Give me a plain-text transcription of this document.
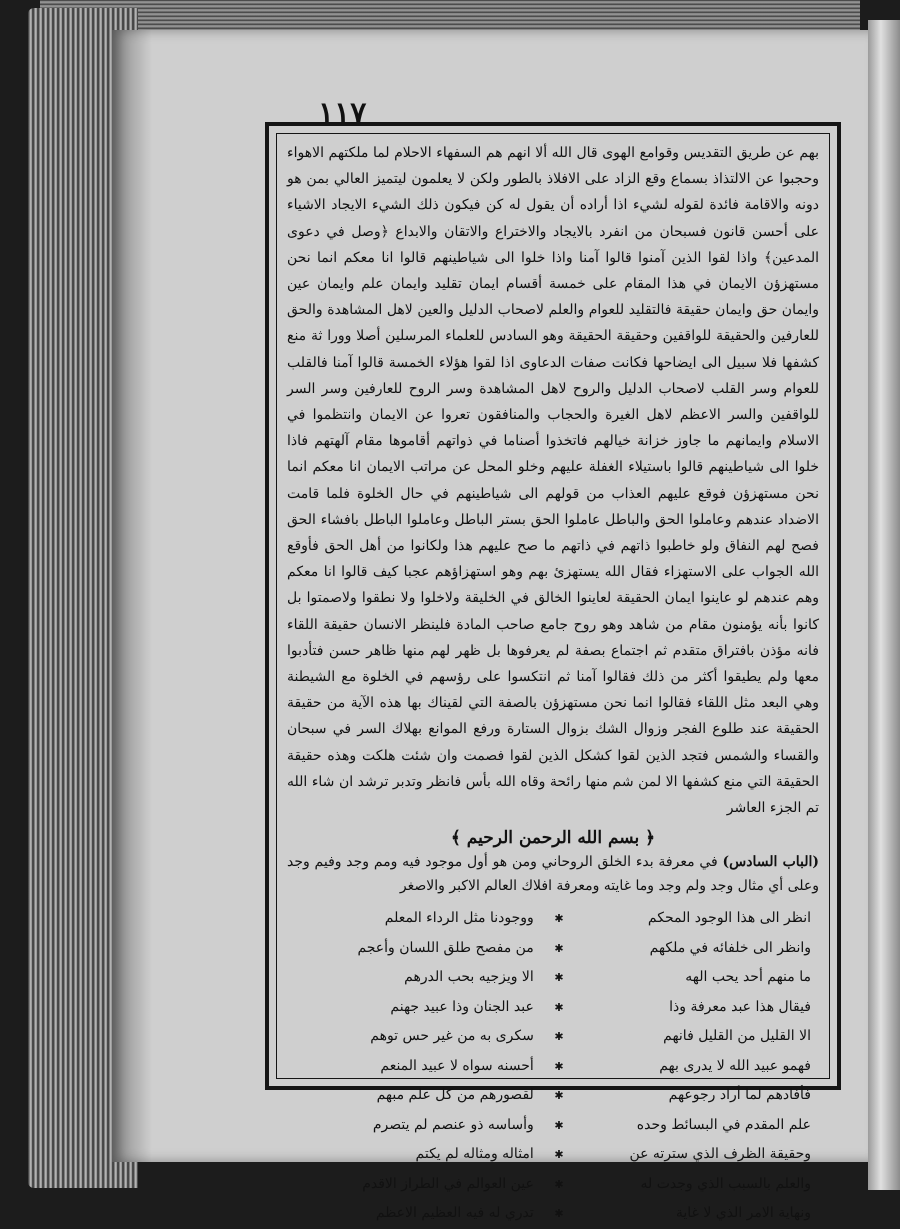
١١٧

بهم عن طريق التقديس وقوامع الهوى قال الله ألا انهم هم السفهاء الاحلام لما ملكتهم الاهواء وحجبوا عن الالتذاذ بسماع وقع الزاد على الافلاذ بالطور ولكن لا يعلمون ليتميز العالي بمن هو دونه والاقامة فائدة لقوله لشيء اذا أراده أن يقول له كن فيكون ذلك الشيء الايجاد الاشياء على أحسن قانون فسبحان من انفرد بالايجاد والاختراع والاتقان والابداع ﴿وصل في دعوى المدعين﴾ واذا لقوا الذين آمنوا قالوا آمنا واذا خلوا الى شياطينهم قالوا انا معكم انما نحن مستهزؤن الايمان في هذا المقام على خمسة أقسام ايمان تقليد وايمان علم وايمان عين وايمان حق وايمان حقيقة فالتقليد للعوام والعلم لاصحاب الدليل والعين لاهل المشاهدة والحق للعارفين والحقيقة للواقفين وحقيقة الحقيقة وهو السادس للعلماء المرسلين أصلا وورا ثة منع كشفها فلا سبيل الى ايضاحها فكانت صفات الدعاوى اذا لقوا هؤلاء الخمسة قالوا آمنا فالقلب للعوام وسر القلب لاصحاب الدليل والروح لاهل المشاهدة وسر الروح للعارفين وسر السر للواقفين والسر الاعظم لاهل الغيرة والحجاب والمنافقون تعروا عن الايمان وانتظموا في الاسلام وايمانهم ما جاوز خزانة خيالهم فاتخذوا أصناما في ذواتهم أقاموها مقام آلهتهم فاذا خلوا الى شياطينهم قالوا باستيلاء الغفلة عليهم وخلو المحل عن مراتب الايمان انا معكم انما نحن مستهزؤن فوقع عليهم العذاب من قولهم الى شياطينهم في حال الخلوة فلما قامت الاضداد عندهم وعاملوا الحق والباطل عاملوا الحق بستر الباطل وعاملوا الباطل بافشاء الحق فصح لهم النفاق ولو خاطبوا ذاتهم في ذاتهم ما صح عليهم هذا ولكانوا من أهل الحق فأوقع الله الجواب على الاستهزاء فقال الله يستهزئ بهم وهو استهزاؤهم عجبا كيف قالوا انا معكم وهم عندهم لو عاينوا ايمان الحقيقة لعاينوا الخالق في الخليقة ولاخلوا ولا نطقوا ولاصمتوا بل كانوا بأنه يؤمنون مقام من شاهد وهو روح جامع صاحب المادة فلينظر الانسان حقيقة اللقاء فانه مؤذن بافتراق متقدم ثم اجتماع بصفة لم يعرفوها بل ظهر لهم منها ظاهر حسن فتأدبوا معها ولم يطيقوا أكثر من ذلك فقالوا آمنا ثم انتكسوا على رؤسهم في الخلوة مع الشيطنة وهي البعد مثل اللقاء فقالوا انما نحن مستهزؤن بالصفة التي لقيناك بها هذه الآية من حقيقة الحقيقة عند طلوع الفجر وزوال الشك بزوال الستارة ورفع الموانع بهلاك السر في سبحان والقساء والشمس فتجد الذين لقوا كشكل الذين لقوا فصمت وان شئت هلكت وهذه حقيقة الحقيقة التي منع كشفها الا لمن شم منها رائحة وقاه الله بأس فانظر وتدبر ترشد ان شاء الله تم الجزء العاشر

﴿ بسم الله الرحمن الرحيم ﴾
(الباب السادس) في معرفة بدء الخلق الروحاني ومن هو أول موجود فيه ومم وجد وفيم وجد وعلى أي مثال وجد ولم وجد وما غايته ومعرفة افلاك العالم الاكبر والاصغر
انظر الى هذا الوجود المحكم
✱
ووجودنا مثل الرداء المعلم
وانظر الى خلفائه في ملكهم
✱
من مفصح طلق اللسان وأعجم
ما منهم أحد يحب الهه
✱
الا ويزجيه بحب الدرهم
فيقال هذا عبد معرفة وذا
✱
عبد الجنان وذا عبيد جهنم
الا القليل من القليل فانهم
✱
سكرى به من غير حس توهم
فهمو عبيد الله لا يدرى بهم
✱
أحسنه سواه لا عبيد المنعم
فأفادهم لما أراد رجوعهم
✱
لقصورهم من كل علم مبهم
علم المقدم في البسائط وحده
✱
وأساسه ذو عنصم لم يتصرم
وحقيقة الظرف الذي سترته عن
✱
امثاله ومثاله لم يكتم
والعلم بالسبب الذي وجدت له
✱
عين العوالم في الطراز الاقدم
ونهاية الامر الذي لا غاية
✱
تدري له فيه العظيم الاعظم
